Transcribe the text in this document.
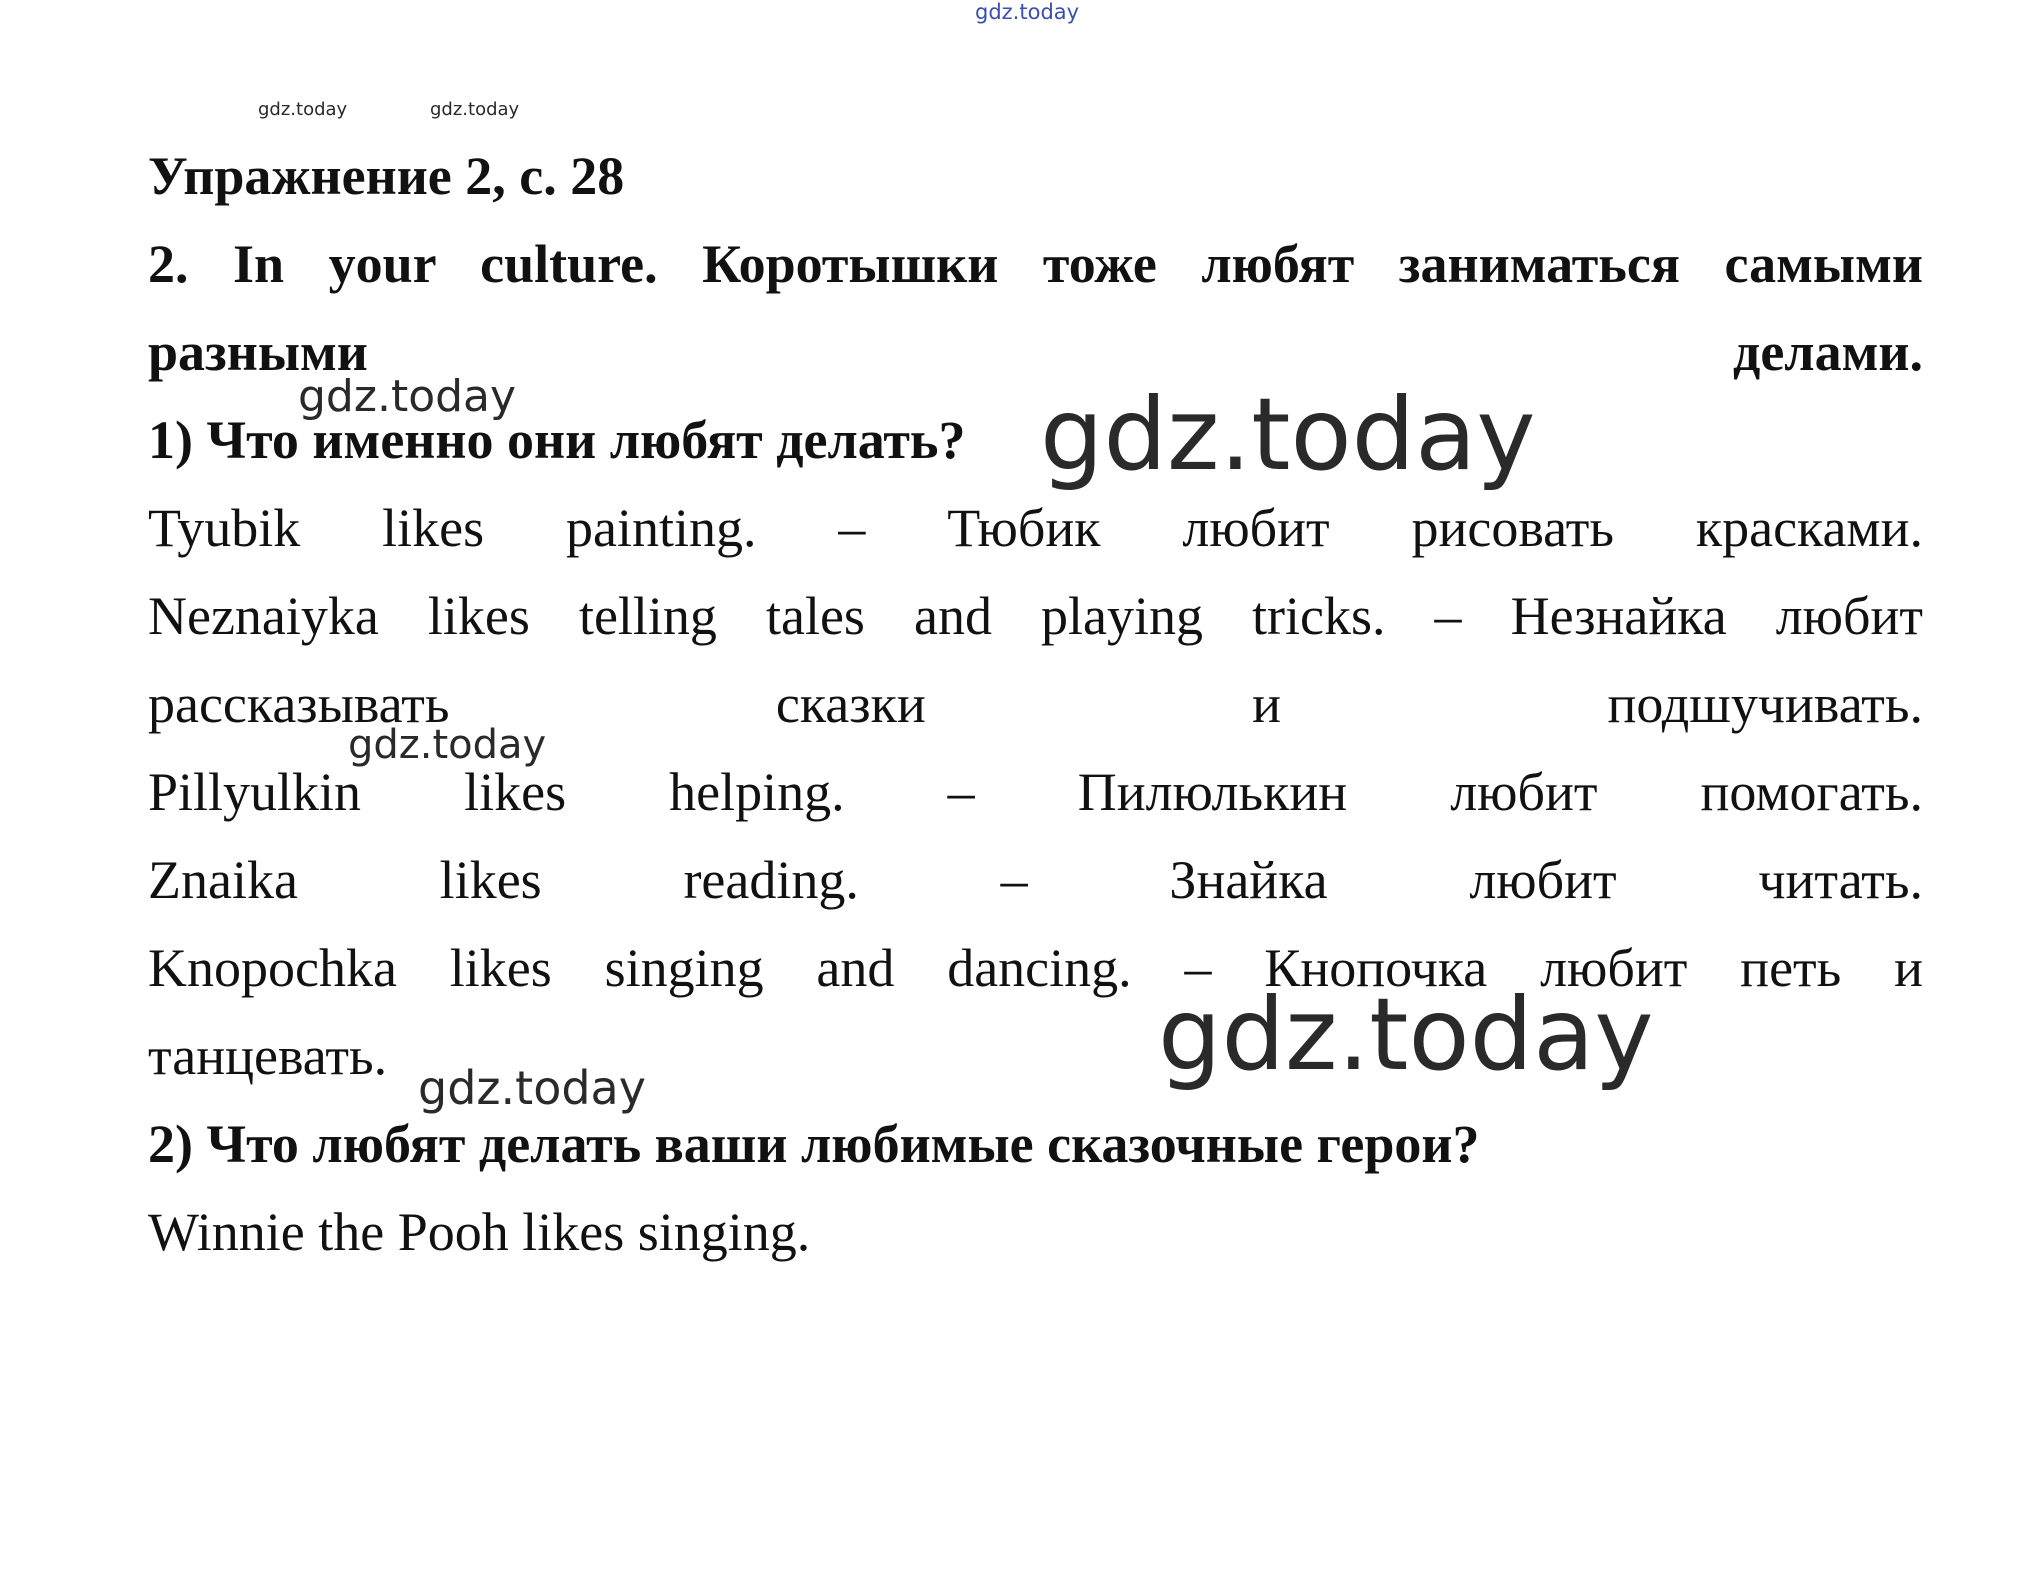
gdz.today
gdz.today	gdz.today
gdz.today	gdz.today
gdz.today
gdz.today
gdz.today
Упражнение 2, с. 28
2. In your culture. Коротышки тоже любят заниматься самыми
разными	делами.
1) Что именно они любят делать?
Tyubik likes painting. – Тюбик любит рисовать красками.
Neznaiyka likes telling tales and playing tricks. – Незнайка любит
рассказывать сказки и подшучивать.
Pillyulkin likes helping. – Пилюлькин любит помогать.
Znaika likes reading. – Знайка любит читать.
Knopochka likes singing and dancing. – Кнопочка любит петь и
танцевать.
2) Что любят делать ваши любимые сказочные герои?
Winnie the Pooh likes singing.
